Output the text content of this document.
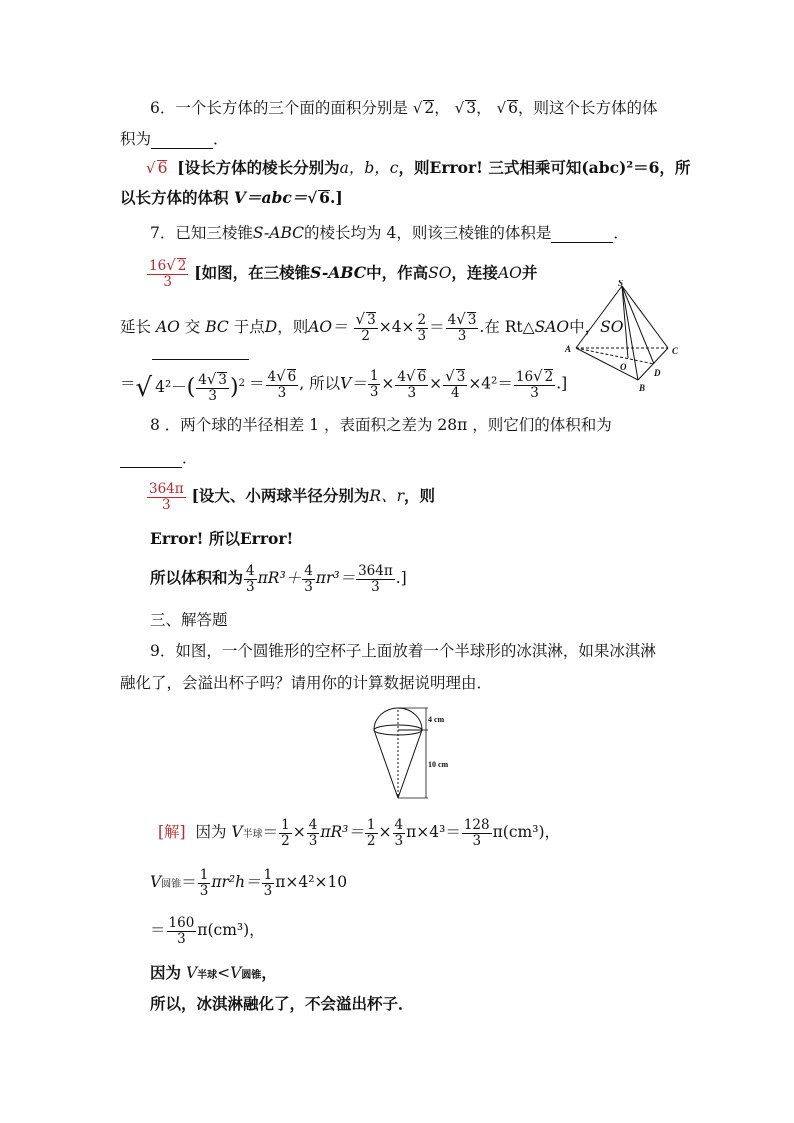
6．一个长方体的三个面的面积分别是 √ 2， √ 3， √ 6，则这个长方体的体
积为	．
√ 6 [设长方体的棱长分别为a，b，c，则Error! 三式相乘可知(abc)²＝6，所
以长方体的体积 V＝abc＝√ 6.]
7．已知三棱锥S-ABC的棱长均为 4，则该三棱锥的体积是	．
$\frac{16√ 2}{3}$ [如图，在三棱锥S-ABC中，作高SO，连接AO并
延长 AO 交 BC 于点D，则$AO= \frac{√ 3}{2} \times 4\times \frac{2}{3} = \frac{4√ 3}{3}$ .在 Rt△SAO中，SO
＝√ $4^2-( \frac{4√ 3}{3} )^2 = \frac{4√ 6}{3}$ , 所以$V= \frac{1}{3} \times \frac{4√ 6}{3} \times \frac{√ 3}{4} \times 4^2= \frac{16√ 2}{3}$ .]
S
A	C
O
D
B
8 ．两个球的半径相差 1 ，表面积之差为 28π ，则它们的体积和为
．
$\frac{364\pi}{3}$ [设大、小两球半径分别为R、r，则
Error! 所以Error!
所以体积和为 $\frac{4}{3} \pi R^3+ \frac{4}{3} \pi r^3= \frac{364\pi}{3}$ .]
三、解答题
9．如图，一个圆锥形的空杯子上面放着一个半球形的冰淇淋，如果冰淇淋
融化了，会溢出杯子吗？请用你的计算数据说明理由．
4 cm
10 cm
[解] 因为 V半球＝ $\frac{1}{2} \times \frac{4}{3} \pi R^3= \frac{1}{2} \times \frac{4}{3} \pi\times 4^3= \frac{128}{3} \pi(cm^3)$，
V圆锥＝ $\frac{1}{3} \pi r^2h= \frac{1}{3} \pi\times 4^2\times 10$
＝ $\frac{160}{3} \pi(cm^3)$，
因为 V半球<V圆锥，
所以，冰淇淋融化了，不会溢出杯子．
